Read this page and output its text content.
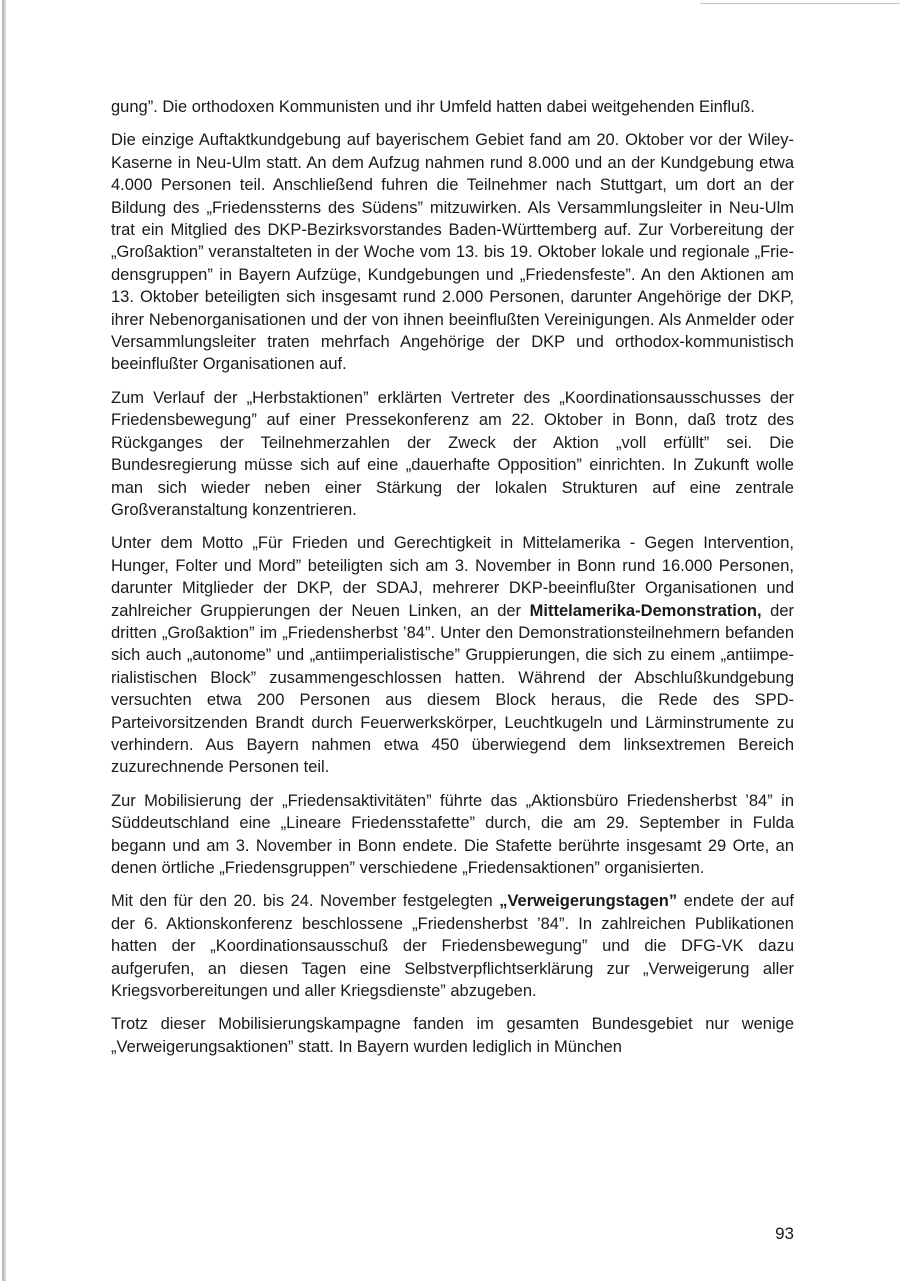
gung”. Die orthodoxen Kommunisten und ihr Umfeld hatten dabei weitgehenden Einfluß.

Die einzige Auftaktkundgebung auf bayerischem Gebiet fand am 20. Oktober vor der Wiley-Kaserne in Neu-Ulm statt. An dem Aufzug nahmen rund 8.000 und an der Kundgebung etwa 4.000 Personen teil. Anschließend fuhren die Teilnehmer nach Stuttgart, um dort an der Bildung des „Friedenssterns des Südens” mitzuwirken. Als Versammlungsleiter in Neu-Ulm trat ein Mitglied des DKP-Bezirksvorstandes Baden-Württemberg auf. Zur Vorbereitung der „Großaktion” veranstalteten in der Woche vom 13. bis 19. Oktober lokale und regionale „Friedensgruppen” in Bayern Aufzüge, Kundgebungen und „Friedensfeste”. An den Aktionen am 13. Oktober beteiligten sich insgesamt rund 2.000 Personen, darunter Angehörige der DKP, ihrer Nebenorganisationen und der von ihnen beeinflußten Vereinigungen. Als Anmelder oder Versammlungsleiter traten mehrfach Angehörige der DKP und orthodox-kommunistisch beeinflußter Organisationen auf.

Zum Verlauf der „Herbstaktionen” erklärten Vertreter des „Koordinationsausschusses der Friedensbewegung” auf einer Pressekonferenz am 22. Oktober in Bonn, daß trotz des Rückganges der Teilnehmerzahlen der Zweck der Aktion „voll erfüllt” sei. Die Bundesregierung müsse sich auf eine „dauerhafte Opposition” einrichten. In Zukunft wolle man sich wieder neben einer Stärkung der lokalen Strukturen auf eine zentrale Großveranstaltung konzentrieren.

Unter dem Motto „Für Frieden und Gerechtigkeit in Mittelamerika - Gegen Intervention, Hunger, Folter und Mord” beteiligten sich am 3. November in Bonn rund 16.000 Personen, darunter Mitglieder der DKP, der SDAJ, mehrerer DKP-beeinflußter Organisationen und zahlreicher Gruppierungen der Neuen Linken, an der Mittelamerika-Demonstration, der dritten „Großaktion” im „Friedensherbst ’84”. Unter den Demonstrationsteilnehmern befanden sich auch „autonome” und „antiimperialistische” Gruppierungen, die sich zu einem „antiimperialistischen Block” zusammengeschlossen hatten. Während der Abschlußkundgebung versuchten etwa 200 Personen aus diesem Block heraus, die Rede des SPD-Parteivorsitzenden Brandt durch Feuerwerkskörper, Leuchtkugeln und Lärminstrumente zu verhindern. Aus Bayern nahmen etwa 450 überwiegend dem linksextremen Bereich zuzurechnende Personen teil.

Zur Mobilisierung der „Friedensaktivitäten” führte das „Aktionsbüro Friedensherbst ’84” in Süddeutschland eine „Lineare Friedensstafette” durch, die am 29. September in Fulda begann und am 3. November in Bonn endete. Die Stafette berührte insgesamt 29 Orte, an denen örtliche „Friedensgruppen” verschiedene „Friedensaktionen” organisierten.

Mit den für den 20. bis 24. November festgelegten „Verweigerungstagen” endete der auf der 6. Aktionskonferenz beschlossene „Friedensherbst ’84”. In zahlreichen Publikationen hatten der „Koordinationsausschuß der Friedensbewegung” und die DFG-VK dazu aufgerufen, an diesen Tagen eine Selbstverpflichtserklärung zur „Verweigerung aller Kriegsvorbereitungen und aller Kriegsdienste” abzugeben.

Trotz dieser Mobilisierungskampagne fanden im gesamten Bundesgebiet nur wenige „Verweigerungsaktionen” statt. In Bayern wurden lediglich in München

93
